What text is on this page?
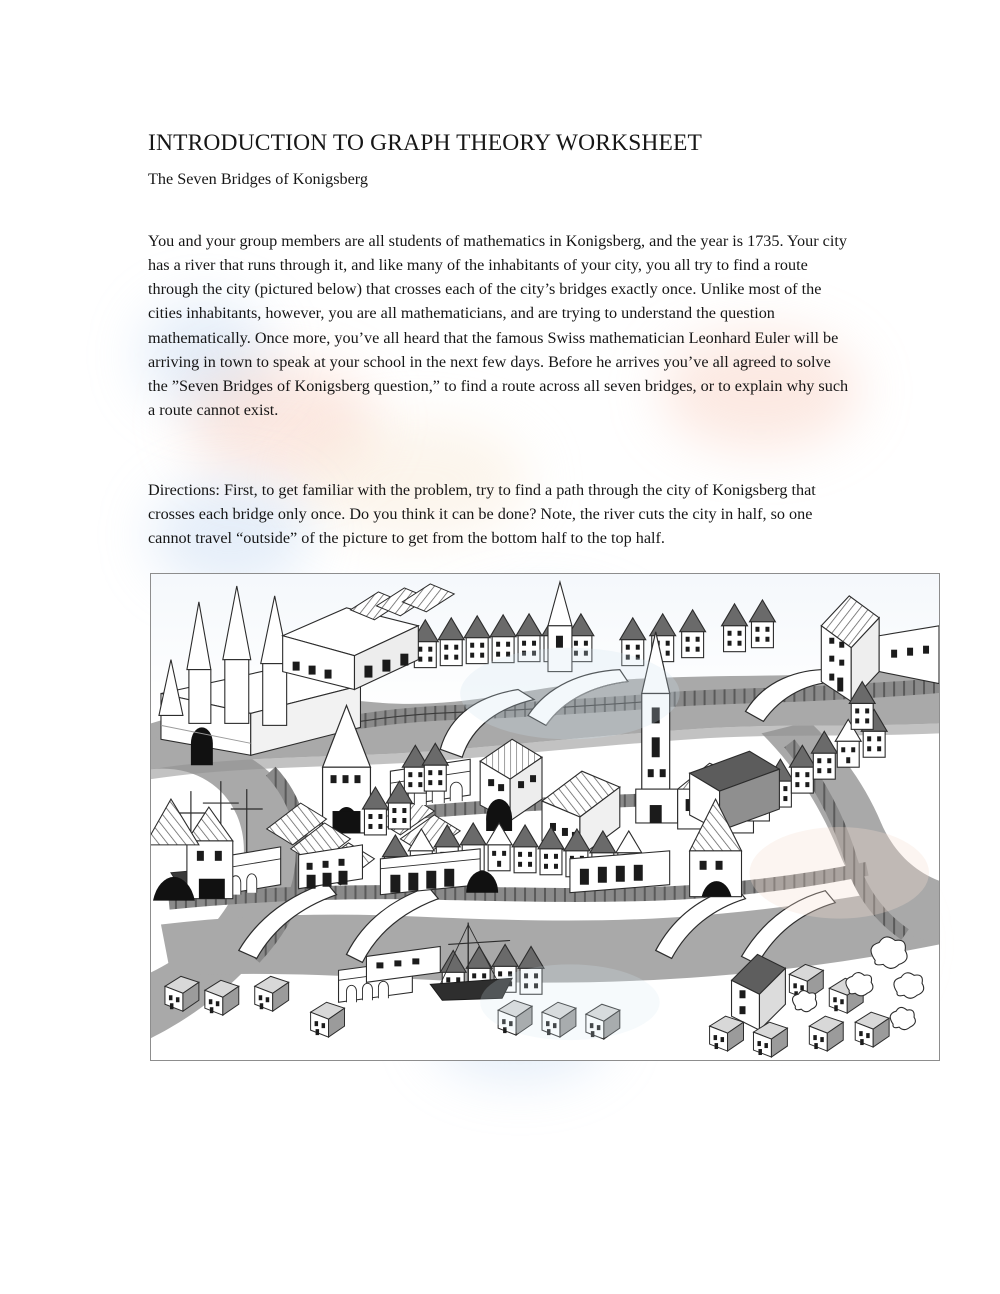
INTRODUCTION TO GRAPH THEORY WORKSHEET
The Seven Bridges of Konigsberg

You and your group members are all students of mathematics in Konigsberg, and the year is 1735. Your city has a river that runs through it, and like many of the inhabitants of your city, you all try to find a route through the city (pictured below) that crosses each of the city’s bridges exactly once. Unlike most of the cities inhabitants, however, you are all mathematicians, and are trying to understand the question mathematically. Once more, you’ve all heard that the famous Swiss mathematician Leonhard Euler will be arriving in town to speak at your school in the next few days. Before he arrives you’ve all agreed to solve the ”Seven Bridges of Konigsberg question,” to find a route across all seven bridges, or to explain why such a route cannot exist.

Directions: First, to get familiar with the problem, try to find a path through the city of Konigsberg that crosses each bridge only once. Do you think it can be done? Note, the river cuts the city in half, so one cannot travel “outside” of the picture to get from the bottom half to the top half.
